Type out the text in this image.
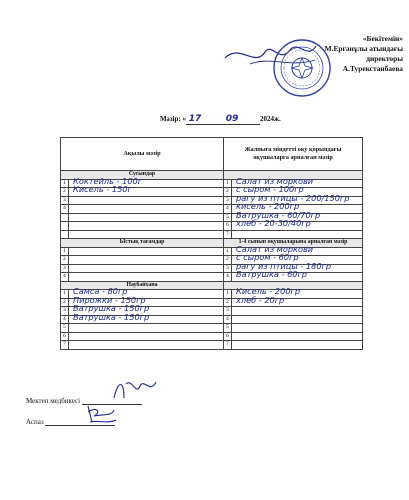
«Бекітемін»
М.Ерғанұлы атындағы
директоры
А.Турекстанбаева
Мәзір: « 17	09	2024ж.
Ақылы мәзір		Жалпыға міндетті оқу қорындағы оқушыларга арналған мәзір	
Сусындар			
1	Коктейль - 100г	1	Салат из моркови

2	Кисель - 150г	2	с сыром - 100гр

3		3	рагу из птицы - 200/150гр

4		4	кисель - 200гр

		5	Ватрушка - 60/70гр

		6	хлеб - 20-30/40гр

		7	
Ыстық тағамдар		1-4 сынып оқушыларына арналған мәзір	
1		1	Салат из моркови

2		2	с сыром - 60гр

3		3	рагу из птицы - 180гр

4		4	Ватрушка - 60гр

Наубайхана			
1	Самса - 80гр	1	Кисель - 200гр

2	Пирожки - 150гр	2	хлеб - 20гр

3	Ватрушка - 150гр	3	
4	Ватрушка - 150гр	4	
5		5	
6		6	
7		7	
Мектеп медбикесі
Аспаз
